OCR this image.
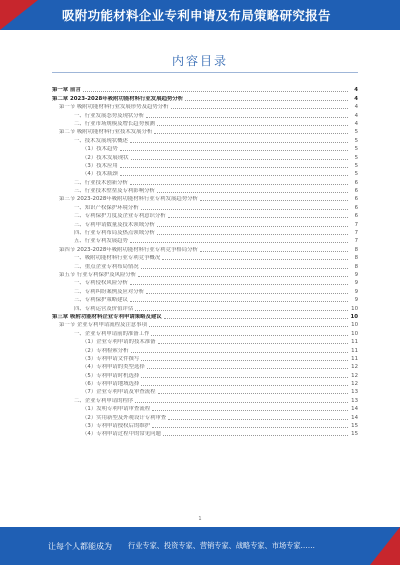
吸附功能材料企业专利申请及布局策略研究报告
内容目录
第一章 前言	4
第二章 2023-2028年吸附功能材料行业发展趋势分析	4
第一节 吸附功能材料行业发展形势及趋势分析	4
一、行业发展态势及现状分析	4
二、行业市场规模及增长趋势预测	4
第二节 吸附功能材料行业技术发展分析	5
一、技术发展现状概述	5
（1）技术趋势	5
（2）技术发展现状	5
（3）技术应用	5
（4）技术瓶颈	5
二、行业技术创新分析	6
三、行业技术壁垒及专利影响分析	6
第三节 2023-2028年吸附功能材料行业专利发展趋势分析	6
一、知识产权保护环境分析	6
二、专利保护力度及企业专利意识分析	6
三、专利申请数量及技术领域分析	7
四、行业专利布局及热点领域分析	7
五、行业专利发展趋势	7
第四节 2023-2028年吸附功能材料行业专利竞争格局分析	8
一、吸附功能材料行业专利竞争概况	8
二、重点企业专利布局情况	8
第五节 行业专利保护及风险分析	9
一、专利侵权风险分析	9
二、专利纠纷案例及应对分析	9
三、专利保护策略建议	9
四、专利运营及价值评估	10
第三章 吸附功能材料企业专利申请策略及建议	10
第一节 企业专利申请流程及注意事项	10
一、企业专利申请前的准备工作	10
（1）企业专利申请的技术准备	11
（2）专利检索分析	11
（3）专利申请文件撰写	11
（4）专利申请的类型选择	12
（5）专利申请时机选择	12
（6）专利申请地域选择	12
（7）企业专利申请及审查流程	13
二、企业专利申请的程序	13
（1）发明专利申请审查流程	14
（2）实用新型及外观设计专利审查	14
（3）专利申请授权后的维护	15
（4）专利申请过程中的常见问题	15
1
让每个人都能成为 行业专家、投资专家、营销专家、战略专家、市场专家……
